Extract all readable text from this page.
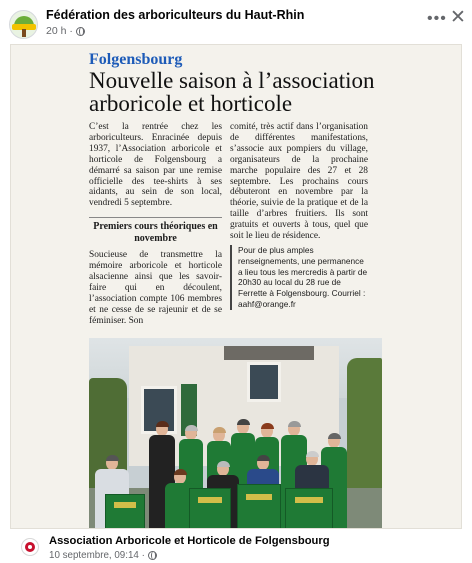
Fédération des arboriculteurs du Haut-Rhin
20 h ·
••• ✕
Folgensbourg
Nouvelle saison à l’association arboricole et horticole

C’est la rentrée chez les arboriculteurs. Enracinée depuis 1937, l’Association arboricole et horticole de Folgensbourg a démarré sa saison par une remise officielle des tee-shirts à ses aidants, au sein de son local, vendredi 5 septembre.

Premiers cours théoriques en novembre

Soucieuse de transmettre la mémoire arboricole et horticole alsacienne ainsi que les savoir-faire qui en découlent, l’association compte 106 membres et ne cesse de se rajeunir et de se féminiser. Son

comité, très actif dans l’organisation de différentes manifestations, s’associe aux pompiers du village, organisateurs de la prochaine marche populaire des 27 et 28 septembre. Les prochains cours débuteront en novembre par la théorie, suivie de la pratique et de la taille d’arbres fruitiers. Ils sont gratuits et ouverts à tous, quel que soit le lieu de résidence.

Pour de plus amples renseignements, une permanence a lieu tous les mercredis à partir de 20h30 au local du 28 rue de Ferrette à Folgensbourg. Courriel : aahf@orange.fr
Association Arboricole et Horticole de Folgensbourg
10 septembre, 09:14 ·
